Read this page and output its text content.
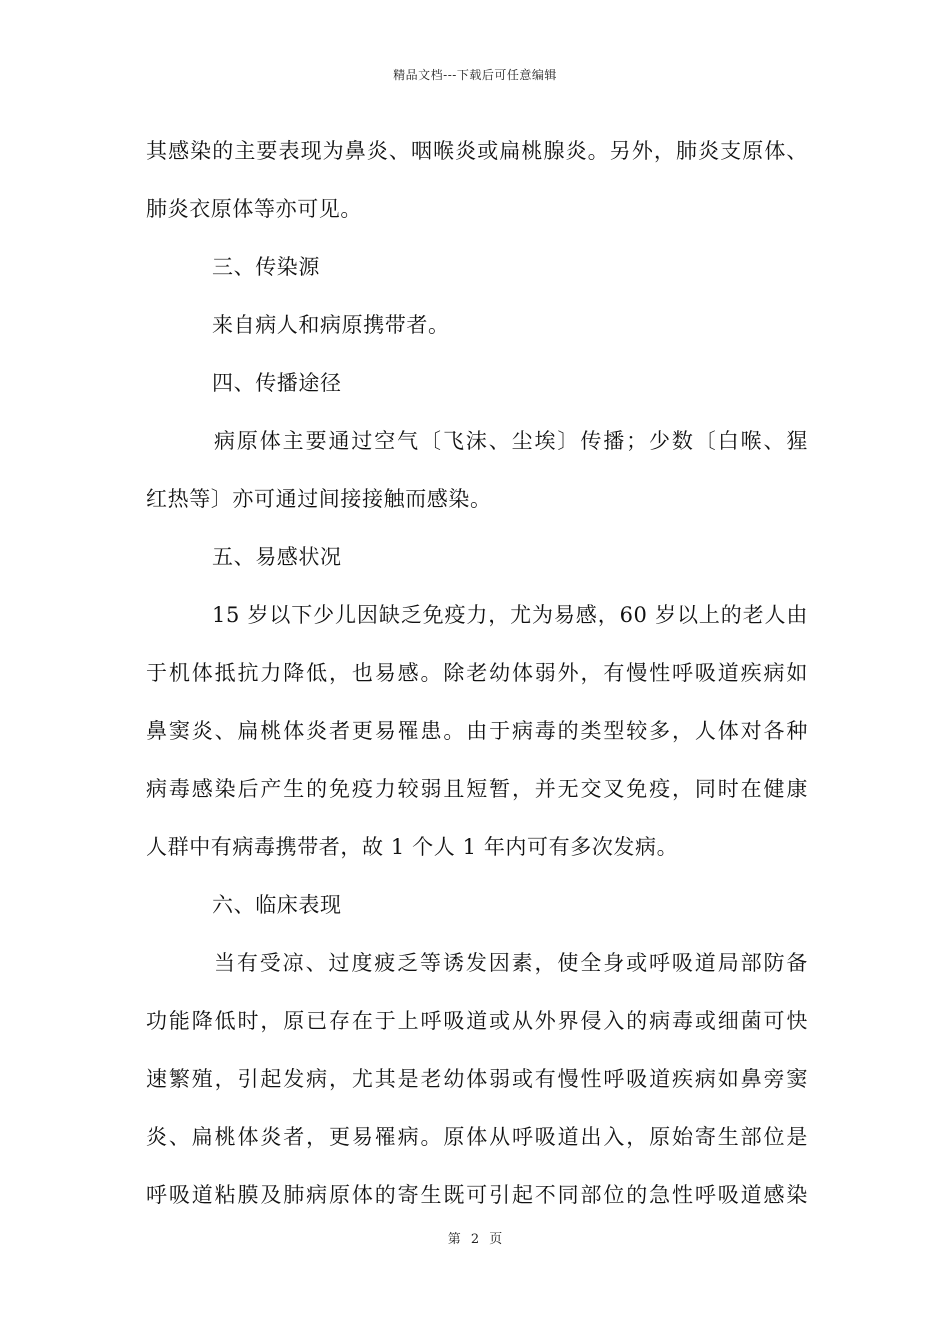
精品文档---下载后可任意编辑
其感染的主要表现为鼻炎、咽喉炎或扁桃腺炎。另外，肺炎支原体、
肺炎衣原体等亦可见。
三、传染源
来自病人和病原携带者。
四、传播途径
病原体主要通过空气〔飞沫、尘埃〕传播；少数〔白喉、猩
红热等〕亦可通过间接接触而感染。
五、易感状况
15 岁以下少儿因缺乏免疫力，尤为易感，60 岁以上的老人由
于机体抵抗力降低，也易感。除老幼体弱外，有慢性呼吸道疾病如
鼻窦炎、扁桃体炎者更易罹患。由于病毒的类型较多，人体对各种
病毒感染后产生的免疫力较弱且短暂，并无交叉免疫，同时在健康
人群中有病毒携带者，故 1 个人 1 年内可有多次发病。
六、临床表现
当有受凉、过度疲乏等诱发因素，使全身或呼吸道局部防备
功能降低时，原已存在于上呼吸道或从外界侵入的病毒或细菌可快
速繁殖，引起发病，尤其是老幼体弱或有慢性呼吸道疾病如鼻旁窦
炎、扁桃体炎者，更易罹病。原体从呼吸道出入，原始寄生部位是
呼吸道粘膜及肺病原体的寄生既可引起不同部位的急性呼吸道感染
第 2 页
